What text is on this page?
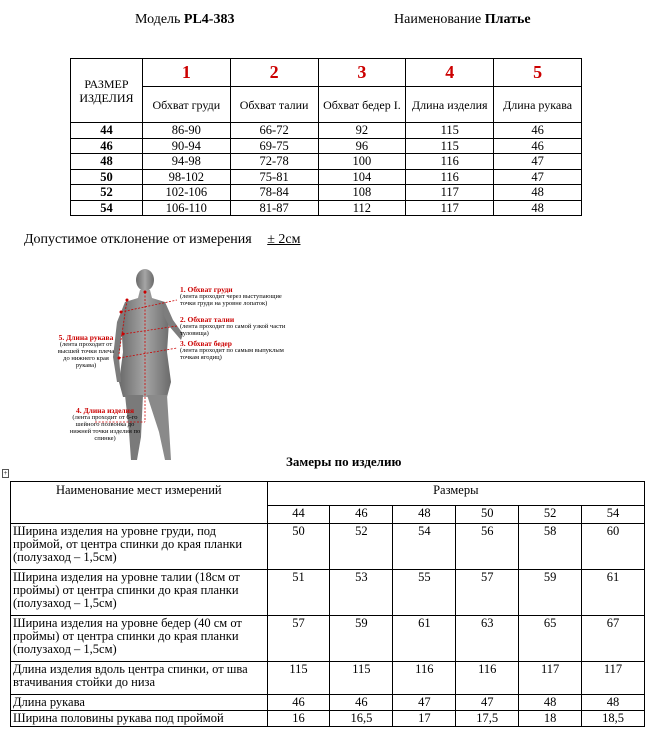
Модель PL4-383	Наименование Платье
РАЗМЕР ИЗДЕЛИЯ	1	2	3	4	5
	Обхват груди	Обхват талии	Обхват бедер I.	Длина изделия	Длина рукава
44	86-90	66-72	92	115	46
46	90-94	69-75	96	115	46
48	94-98	72-78	100	116	47
50	98-102	75-81	104	116	47
52	102-106	78-84	108	117	48
54	106-110	81-87	112	117	48
Допустимое отклонение от измерения ± 2см
1. Обхват груди
(лента проходит через выступающие точки груди на уровне лопаток)
2. Обхват талии
(лента проходит по самой узкой части туловища)
3. Обхват бедер
(лента проходит по самым выпуклым точкам ягодиц)
5. Длина рукава
(лента проходит от высшей точки плеча до нижнего края рукава)
4. Длина изделия
(лента проходит от 6-го шейного позвонка до нижней точки изделия по спинке)
Замеры по изделию
+
Наименование мест измерений	Размеры					
	44	46	48	50	52	54
Ширина изделия на уровне груди, под проймой, от центра спинки до края планки (полузаход – 1,5см)	50	52	54	56	58	60
Ширина изделия на уровне талии (18см от проймы) от центра спинки до края планки (полузаход – 1,5см)	51	53	55	57	59	61
Ширина изделия на уровне бедер (40 см от проймы) от центра спинки до края планки (полузаход – 1,5см)	57	59	61	63	65	67
Длина изделия вдоль центра спинки, от шва втачивания стойки до низа	115	115	116	116	117	117
Длина рукава	46	46	47	47	48	48
Ширина половины рукава под проймой	16	16,5	17	17,5	18	18,5
